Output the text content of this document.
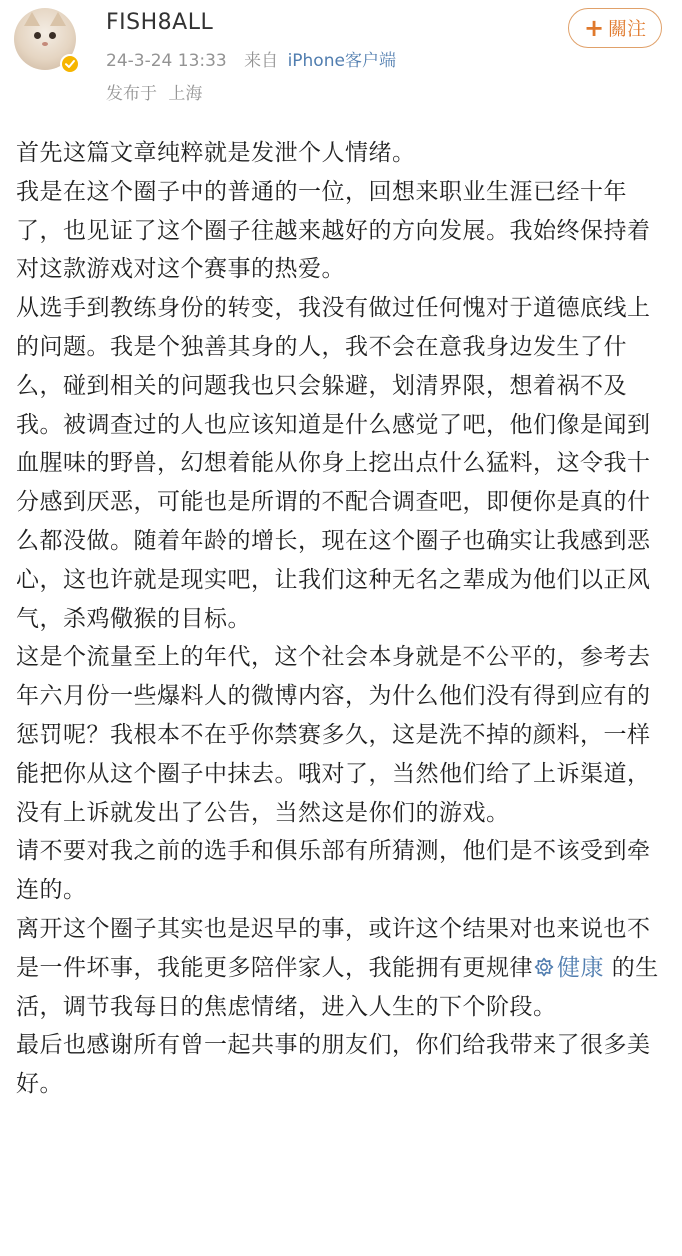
FISH8ALL
24-3-24 13:33 来自 iPhone客户端
发布于 上海
+ 關注

首先这篇文章纯粹就是发泄个人情绪。

我是在这个圈子中的普通的一位，回想来职业生涯已经十年了，也见证了这个圈子往越来越好的方向发展。我始终保持着对这款游戏对这个赛事的热爱。

从选手到教练身份的转变，我没有做过任何愧对于道德底线上的问题。我是个独善其身的人，我不会在意我身边发生了什么，碰到相关的问题我也只会躲避，划清界限，想着祸不及我。被调查过的人也应该知道是什么感觉了吧，他们像是闻到血腥味的野兽，幻想着能从你身上挖出点什么猛料，这令我十分感到厌恶，可能也是所谓的不配合调查吧，即便你是真的什么都没做。随着年龄的增长，现在这个圈子也确实让我感到恶心，这也许就是现实吧，让我们这种无名之辈成为他们以正风气，杀鸡儆猴的目标。

这是个流量至上的年代，这个社会本身就是不公平的，参考去年六月份一些爆料人的微博内容，为什么他们没有得到应有的惩罚呢？我根本不在乎你禁赛多久，这是洗不掉的颜料，一样能把你从这个圈子中抹去。哦对了，当然他们给了上诉渠道，没有上诉就发出了公告，当然这是你们的游戏。

请不要对我之前的选手和俱乐部有所猜测，他们是不该受到牵连的。

离开这个圈子其实也是迟早的事，或许这个结果对也来说也不是一件坏事，我能更多陪伴家人，我能拥有更规律 健康 的生活，调节我每日的焦虑情绪，进入人生的下个阶段。

最后也感谢所有曾一起共事的朋友们，你们给我带来了很多美好。
